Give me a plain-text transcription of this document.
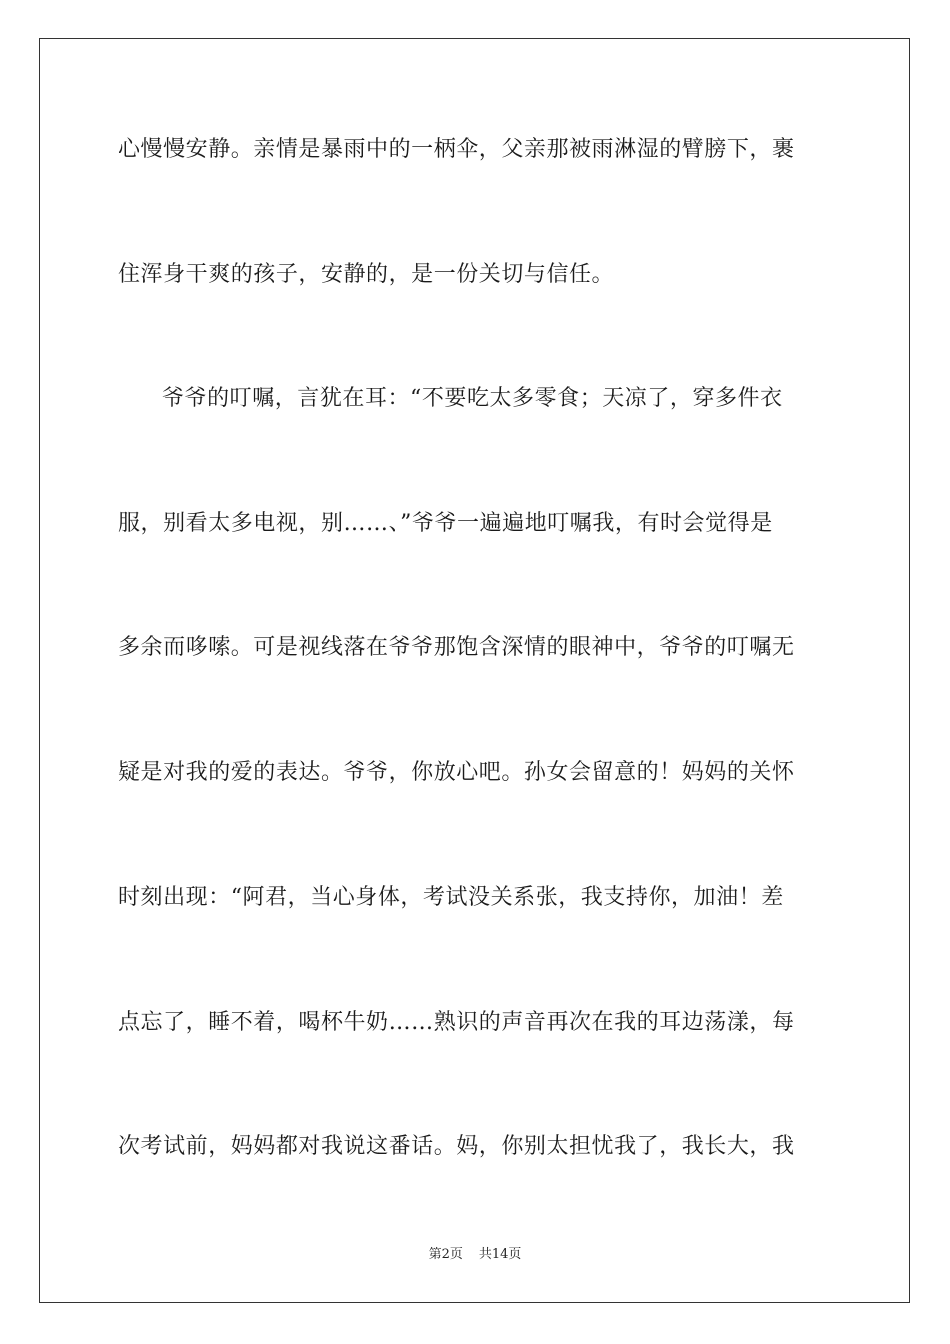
心慢慢安静。亲情是暴雨中的一柄伞，父亲那被雨淋湿的臂膀下，裹
住浑身干爽的孩子，安静的，是一份关切与信任。
爷爷的叮嘱，言犹在耳：“不要吃太多零食；天凉了，穿多件衣
服，别看太多电视，别……、”爷爷一遍遍地叮嘱我，有时会觉得是
多余而哆嗦。可是视线落在爷爷那饱含深情的眼神中，爷爷的叮嘱无
疑是对我的爱的表达。爷爷，你放心吧。孙女会留意的！妈妈的关怀
时刻出现：“阿君，当心身体，考试没关系张，我支持你，加油！差
点忘了，睡不着，喝杯牛奶……熟识的声音再次在我的耳边荡漾，每
次考试前，妈妈都对我说这番话。妈，你别太担忧我了，我长大，我
第2页 共14页
